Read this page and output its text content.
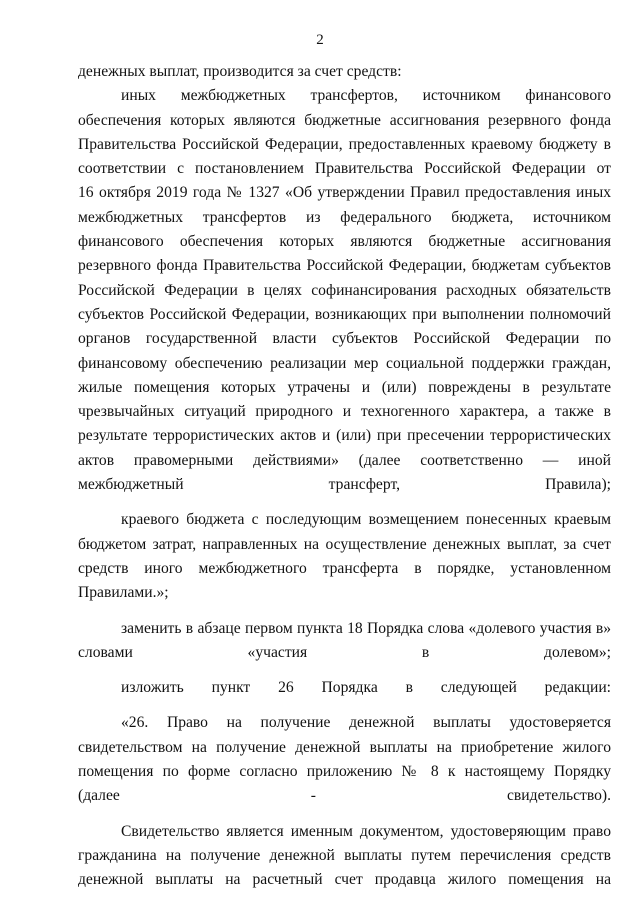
2
денежных выплат, производится за счет средств:
иных межбюджетных трансфертов, источником финансового
обеспечения которых являются бюджетные ассигнования резервного фонда
Правительства Российской Федерации, предоставленных краевому бюджету в
соответствии с постановлением Правительства Российской Федерации от
16 октября 2019 года № 1327 «Об утверждении Правил предоставления иных
межбюджетных трансфертов из федерального бюджета, источником
финансового обеспечения которых являются бюджетные ассигнования
резервного фонда Правительства Российской Федерации, бюджетам субъектов
Российской Федерации в целях софинансирования расходных обязательств
субъектов Российской Федерации, возникающих при выполнении полномочий
органов государственной власти субъектов Российской Федерации по
финансовому обеспечению реализации мер социальной поддержки граждан,
жилые помещения которых утрачены и (или) повреждены в результате
чрезвычайных ситуаций природного и техногенного характера, а также в
результате террористических актов и (или) при пресечении террористических
актов правомерными действиями» (далее соответственно — иной
межбюджетный трансферт, Правила);
краевого бюджета с последующим возмещением понесенных краевым
бюджетом затрат, направленных на осуществление денежных выплат, за счет
средств иного межбюджетного трансферта в порядке, установленном
Правилами.»;
заменить в абзаце первом пункта 18 Порядка слова «долевого участия в»
словами «участия в долевом»;
изложить пункт 26 Порядка в следующей редакции:
«26. Право на получение денежной выплаты удостоверяется
свидетельством на получение денежной выплаты на приобретение жилого
помещения по форме согласно приложению № 8 к настоящему Порядку
(далее - свидетельство).
Свидетельство является именным документом, удостоверяющим право
гражданина на получение денежной выплаты путем перечисления средств
денежной выплаты на расчетный счет продавца жилого помещения на
